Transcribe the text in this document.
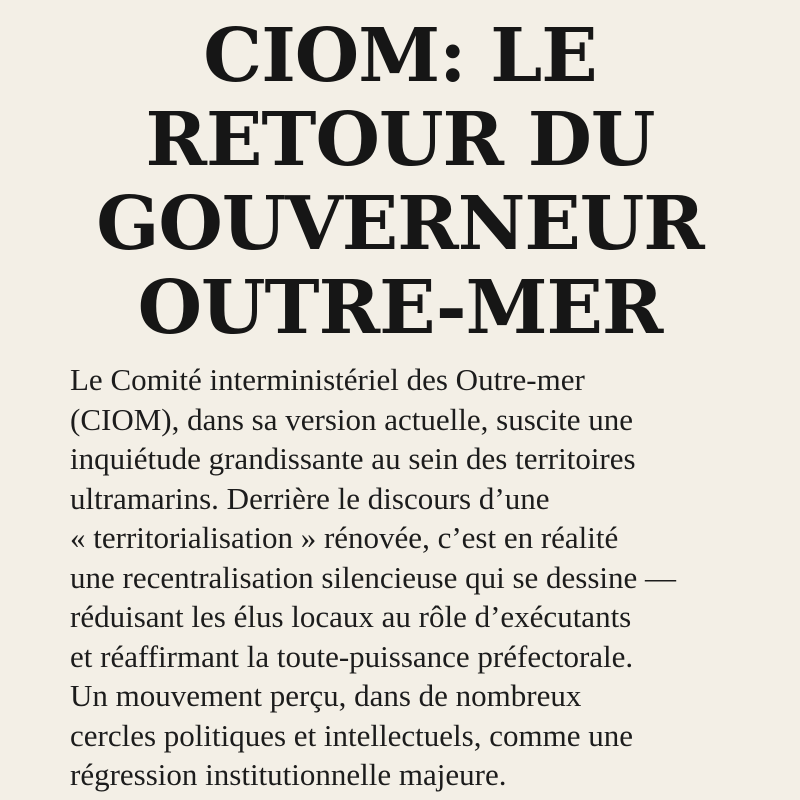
CIOM: LE
RETOUR DU
GOUVERNEUR
OUTRE-MER

Le Comité interministériel des Outre-mer
(CIOM), dans sa version actuelle, suscite une
inquiétude grandissante au sein des territoires
ultramarins. Derrière le discours d’une
« territorialisation » rénovée, c’est en réalité
une recentralisation silencieuse qui se dessine —
réduisant les élus locaux au rôle d’exécutants
et réaffirmant la toute-puissance préfectorale.
Un mouvement perçu, dans de nombreux
cercles politiques et intellectuels, comme une
régression institutionnelle majeure.
